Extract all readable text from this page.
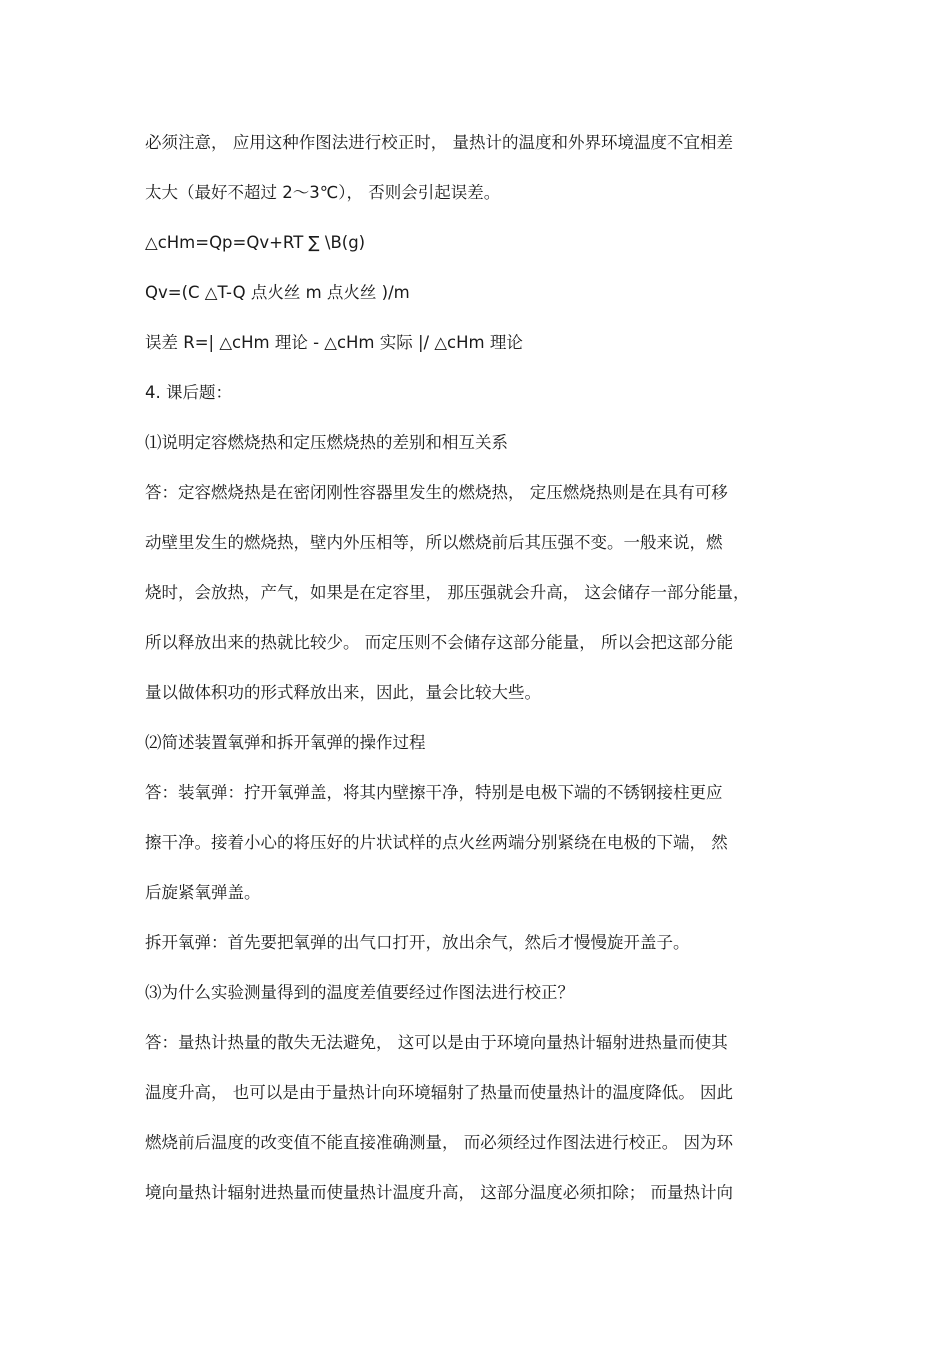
必须注意， 应用这种作图法进行校正时， 量热计的温度和外界环境温度不宜相差
太大（最好不超过 2～3℃）， 否则会引起误差。
△cHm=Qp=Qv+RT ∑ \B(g)
Qv=(C △T-Q 点火丝 m 点火丝 )/m
误差 R=| △cHm 理论 - △cHm 实际 |/ △cHm 理论
4. 课后题：
⑴说明定容燃烧热和定压燃烧热的差别和相互关系
答：定容燃烧热是在密闭刚性容器里发生的燃烧热， 定压燃烧热则是在具有可移
动壁里发生的燃烧热，壁内外压相等，所以燃烧前后其压强不变。一般来说，燃
烧时，会放热，产气，如果是在定容里， 那压强就会升高， 这会储存一部分能量，
所以释放出来的热就比较少。 而定压则不会储存这部分能量， 所以会把这部分能
量以做体积功的形式释放出来，因此，量会比较大些。
⑵简述装置氧弹和拆开氧弹的操作过程
答：装氧弹：拧开氧弹盖，将其内壁擦干净，特别是电极下端的不锈钢接柱更应
擦干净。接着小心的将压好的片状试样的点火丝两端分别紧绕在电极的下端， 然
后旋紧氧弹盖。
拆开氧弹：首先要把氧弹的出气口打开，放出余气，然后才慢慢旋开盖子。
⑶为什么实验测量得到的温度差值要经过作图法进行校正？
答：量热计热量的散失无法避免， 这可以是由于环境向量热计辐射进热量而使其
温度升高， 也可以是由于量热计向环境辐射了热量而使量热计的温度降低。 因此
燃烧前后温度的改变值不能直接准确测量， 而必须经过作图法进行校正。 因为环
境向量热计辐射进热量而使量热计温度升高， 这部分温度必须扣除； 而量热计向
